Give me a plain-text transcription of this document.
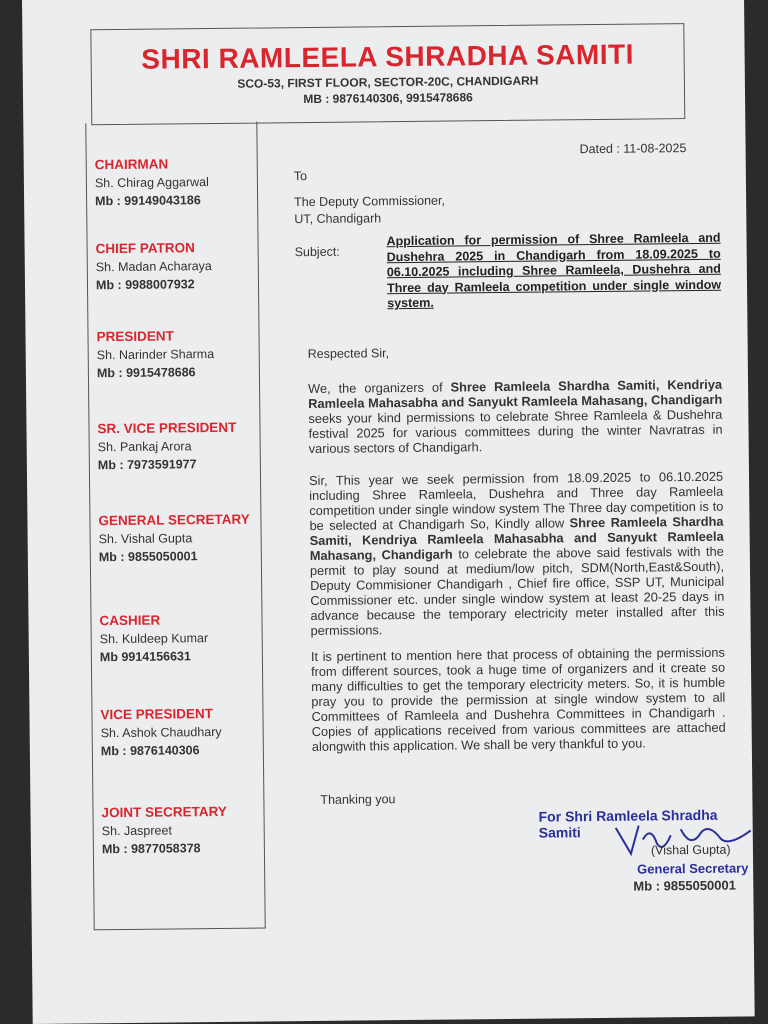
SHRI RAMLEELA SHRADHA SAMITI
SCO-53, FIRST FLOOR, SECTOR-20C, CHANDIGARH
MB : 9876140306, 9915478686
CHAIRMAN
Sh. Chirag Aggarwal
Mb : 99149043186
CHIEF PATRON
Sh. Madan Acharaya
Mb : 9988007932
PRESIDENT
Sh. Narinder Sharma
Mb : 9915478686
SR. VICE PRESIDENT
Sh. Pankaj Arora
Mb : 7973591977
GENERAL SECRETARY
Sh. Vishal Gupta
Mb : 9855050001
CASHIER
Sh. Kuldeep Kumar
Mb 9914156631
VICE PRESIDENT
Sh. Ashok Chaudhary
Mb : 9876140306
JOINT SECRETARY
Sh. Jaspreet
Mb : 9877058378
Dated : 11-08-2025
To
The Deputy Commissioner,
UT, Chandigarh
Subject:
Application for permission of Shree Ramleela and Dushehra 2025 in Chandigarh from 18.09.2025 to 06.10.2025 including Shree Ramleela, Dushehra and Three day Ramleela competition under single window system.
Respected Sir,
We, the organizers of Shree Ramleela Shardha Samiti, Kendriya Ramleela Mahasabha and Sanyukt Ramleela Mahasang, Chandigarh seeks your kind permissions to celebrate Shree Ramleela & Dushehra festival 2025 for various committees during the winter Navratras in various sectors of Chandigarh.
Sir, This year we seek permission from 18.09.2025 to 06.10.2025 including Shree Ramleela, Dushehra and Three day Ramleela competition under single window system The Three day competition is to be selected at Chandigarh So, Kindly allow Shree Ramleela Shardha Samiti, Kendriya Ramleela Mahasabha and Sanyukt Ramleela Mahasang, Chandigarh to celebrate the above said festivals with the permit to play sound at medium/low pitch, SDM(North,East&South), Deputy Commisioner Chandigarh , Chief fire office, SSP UT, Municipal Commissioner etc. under single window system at least 20-25 days in advance because the temporary electricity meter installed after this permissions.
It is pertinent to mention here that process of obtaining the permissions from different sources, took a huge time of organizers and it create so many difficulties to get the temporary electricity meters. So, it is humble pray you to provide the permission at single window system to all Committees of Ramleela and Dushehra Committees in Chandigarh . Copies of applications received from various committees are attached alongwith this application. We shall be very thankful to you.
Thanking you
For Shri Ramleela Shradha Samiti
(Vishal Gupta)
General Secretary
Mb : 9855050001
